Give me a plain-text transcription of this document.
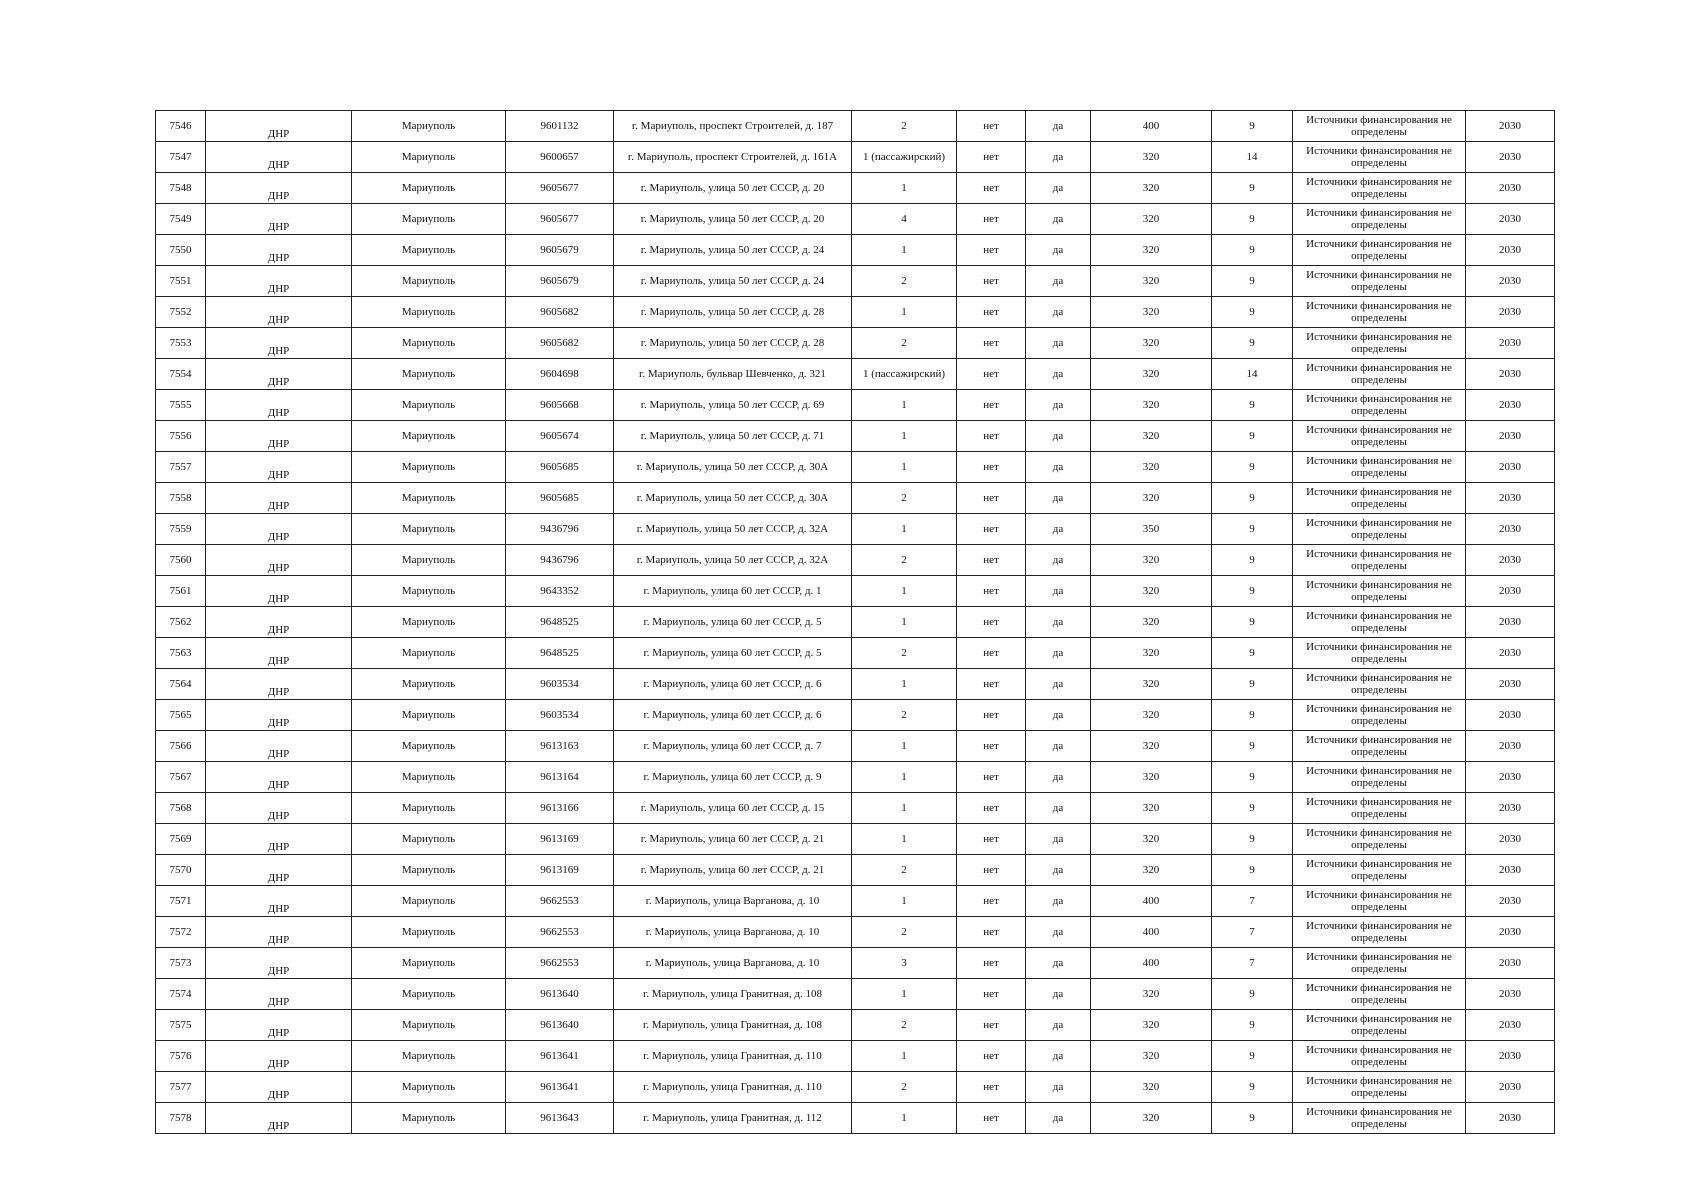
7546	ДНР	Мариуполь	9601132	г. Мариуполь, проспект Строителей, д. 187	2	нет	да	400	9	Источники финансирования не определены	2030
7547	ДНР	Мариуполь	9600657	г. Мариуполь, проспект Строителей, д. 161А	1 (пассажирский)	нет	да	320	14	Источники финансирования не определены	2030
7548	ДНР	Мариуполь	9605677	г. Мариуполь, улица 50 лет СССР, д. 20	1	нет	да	320	9	Источники финансирования не определены	2030
7549	ДНР	Мариуполь	9605677	г. Мариуполь, улица 50 лет СССР, д. 20	4	нет	да	320	9	Источники финансирования не определены	2030
7550	ДНР	Мариуполь	9605679	г. Мариуполь, улица 50 лет СССР, д. 24	1	нет	да	320	9	Источники финансирования не определены	2030
7551	ДНР	Мариуполь	9605679	г. Мариуполь, улица 50 лет СССР, д. 24	2	нет	да	320	9	Источники финансирования не определены	2030
7552	ДНР	Мариуполь	9605682	г. Мариуполь, улица 50 лет СССР, д. 28	1	нет	да	320	9	Источники финансирования не определены	2030
7553	ДНР	Мариуполь	9605682	г. Мариуполь, улица 50 лет СССР, д. 28	2	нет	да	320	9	Источники финансирования не определены	2030
7554	ДНР	Мариуполь	9604698	г. Мариуполь, бульвар Шевченко, д. 321	1 (пассажирский)	нет	да	320	14	Источники финансирования не определены	2030
7555	ДНР	Мариуполь	9605668	г. Мариуполь, улица 50 лет СССР, д. 69	1	нет	да	320	9	Источники финансирования не определены	2030
7556	ДНР	Мариуполь	9605674	г. Мариуполь, улица 50 лет СССР, д. 71	1	нет	да	320	9	Источники финансирования не определены	2030
7557	ДНР	Мариуполь	9605685	г. Мариуполь, улица 50 лет СССР, д. 30А	1	нет	да	320	9	Источники финансирования не определены	2030
7558	ДНР	Мариуполь	9605685	г. Мариуполь, улица 50 лет СССР, д. 30А	2	нет	да	320	9	Источники финансирования не определены	2030
7559	ДНР	Мариуполь	9436796	г. Мариуполь, улица 50 лет СССР, д. 32А	1	нет	да	350	9	Источники финансирования не определены	2030
7560	ДНР	Мариуполь	9436796	г. Мариуполь, улица 50 лет СССР, д. 32А	2	нет	да	320	9	Источники финансирования не определены	2030
7561	ДНР	Мариуполь	9643352	г. Мариуполь, улица 60 лет СССР, д. 1	1	нет	да	320	9	Источники финансирования не определены	2030
7562	ДНР	Мариуполь	9648525	г. Мариуполь, улица 60 лет СССР, д. 5	1	нет	да	320	9	Источники финансирования не определены	2030
7563	ДНР	Мариуполь	9648525	г. Мариуполь, улица 60 лет СССР, д. 5	2	нет	да	320	9	Источники финансирования не определены	2030
7564	ДНР	Мариуполь	9603534	г. Мариуполь, улица 60 лет СССР, д. 6	1	нет	да	320	9	Источники финансирования не определены	2030
7565	ДНР	Мариуполь	9603534	г. Мариуполь, улица 60 лет СССР, д. 6	2	нет	да	320	9	Источники финансирования не определены	2030
7566	ДНР	Мариуполь	9613163	г. Мариуполь, улица 60 лет СССР, д. 7	1	нет	да	320	9	Источники финансирования не определены	2030
7567	ДНР	Мариуполь	9613164	г. Мариуполь, улица 60 лет СССР, д. 9	1	нет	да	320	9	Источники финансирования не определены	2030
7568	ДНР	Мариуполь	9613166	г. Мариуполь, улица 60 лет СССР, д. 15	1	нет	да	320	9	Источники финансирования не определены	2030
7569	ДНР	Мариуполь	9613169	г. Мариуполь, улица 60 лет СССР, д. 21	1	нет	да	320	9	Источники финансирования не определены	2030
7570	ДНР	Мариуполь	9613169	г. Мариуполь, улица 60 лет СССР, д. 21	2	нет	да	320	9	Источники финансирования не определены	2030
7571	ДНР	Мариуполь	9662553	г. Мариуполь, улица Варганова, д. 10	1	нет	да	400	7	Источники финансирования не определены	2030
7572	ДНР	Мариуполь	9662553	г. Мариуполь, улица Варганова, д. 10	2	нет	да	400	7	Источники финансирования не определены	2030
7573	ДНР	Мариуполь	9662553	г. Мариуполь, улица Варганова, д. 10	3	нет	да	400	7	Источники финансирования не определены	2030
7574	ДНР	Мариуполь	9613640	г. Мариуполь, улица Гранитная, д. 108	1	нет	да	320	9	Источники финансирования не определены	2030
7575	ДНР	Мариуполь	9613640	г. Мариуполь, улица Гранитная, д. 108	2	нет	да	320	9	Источники финансирования не определены	2030
7576	ДНР	Мариуполь	9613641	г. Мариуполь, улица Гранитная, д. 110	1	нет	да	320	9	Источники финансирования не определены	2030
7577	ДНР	Мариуполь	9613641	г. Мариуполь, улица Гранитная, д. 110	2	нет	да	320	9	Источники финансирования не определены	2030
7578	ДНР	Мариуполь	9613643	г. Мариуполь, улица Гранитная, д. 112	1	нет	да	320	9	Источники финансирования не определены	2030
